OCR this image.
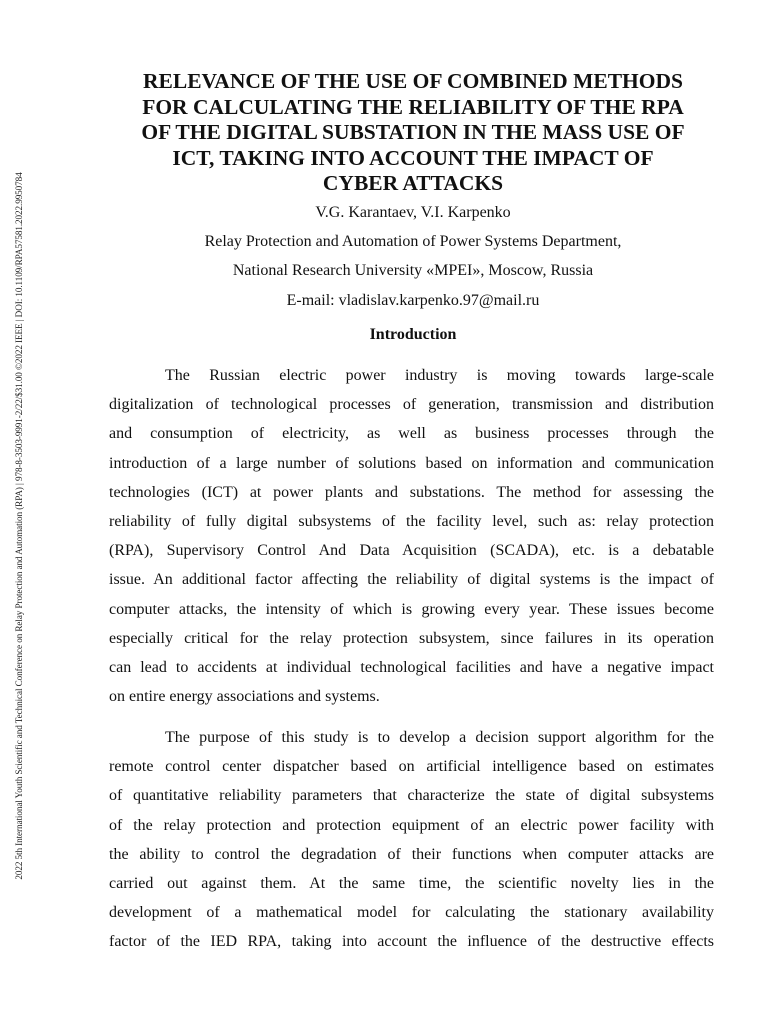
2022 5th International Youth Scientific and Technical Conference on Relay Protection and Automation (RPA) | 978-8-3503-9991-2/22/$31.00 ©2022 IEEE | DOI: 10.1109/RPA57581.2022.9950784
RELEVANCE OF THE USE OF COMBINED METHODS
FOR CALCULATING THE RELIABILITY OF THE RPA
OF THE DIGITAL SUBSTATION IN THE MASS USE OF
ICT, TAKING INTO ACCOUNT THE IMPACT OF
CYBER ATTACKS

V.G. Karantaev, V.I. Karpenko

Relay Protection and Automation of Power Systems Department,

National Research University «MPEI», Moscow, Russia

E-mail: vladislav.karpenko.97@mail.ru

Introduction
The Russian electric power industry is moving towards large-scale
digitalization of technological processes of generation, transmission and distribution
and consumption of electricity, as well as business processes through the
introduction of a large number of solutions based on information and communication
technologies (ICT) at power plants and substations. The method for assessing the
reliability of fully digital subsystems of the facility level, such as: relay protection
(RPA), Supervisory Control And Data Acquisition (SCADA), etc. is a debatable
issue. An additional factor affecting the reliability of digital systems is the impact of
computer attacks, the intensity of which is growing every year. These issues become
especially critical for the relay protection subsystem, since failures in its operation
can lead to accidents at individual technological facilities and have a negative impact
on entire energy associations and systems.
The purpose of this study is to develop a decision support algorithm for the
remote control center dispatcher based on artificial intelligence based on estimates
of quantitative reliability parameters that characterize the state of digital subsystems
of the relay protection and protection equipment of an electric power facility with
the ability to control the degradation of their functions when computer attacks are
carried out against them. At the same time, the scientific novelty lies in the
development of a mathematical model for calculating the stationary availability
factor of the IED RPA, taking into account the influence of the destructive effects
